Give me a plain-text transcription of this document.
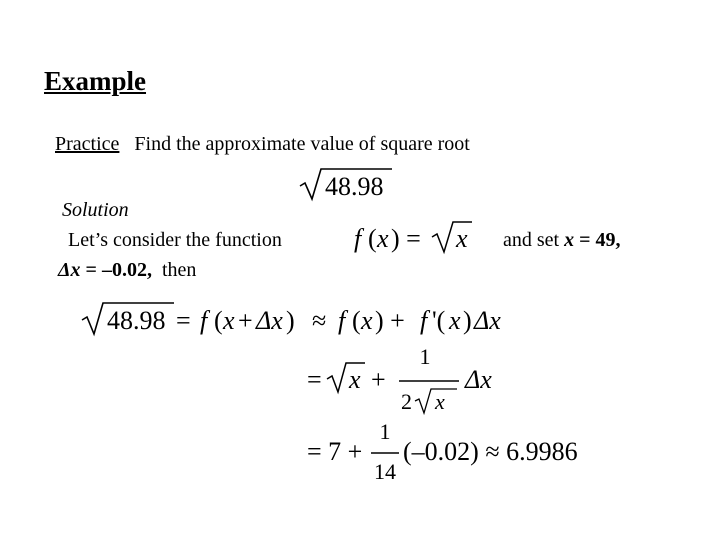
Example
Practice Find the approximate value of square root
48.98
Solution
Let’s consider the function	f ( x ) = x and set x = 49,
Δx = –0.02, then
48.98 = f ( x + Δx ) ≈ f ( x ) + f '( x ) Δx
= x +
1
2 x
Δx
= 7 +
1
14
(–0.02) ≈ 6.9986
